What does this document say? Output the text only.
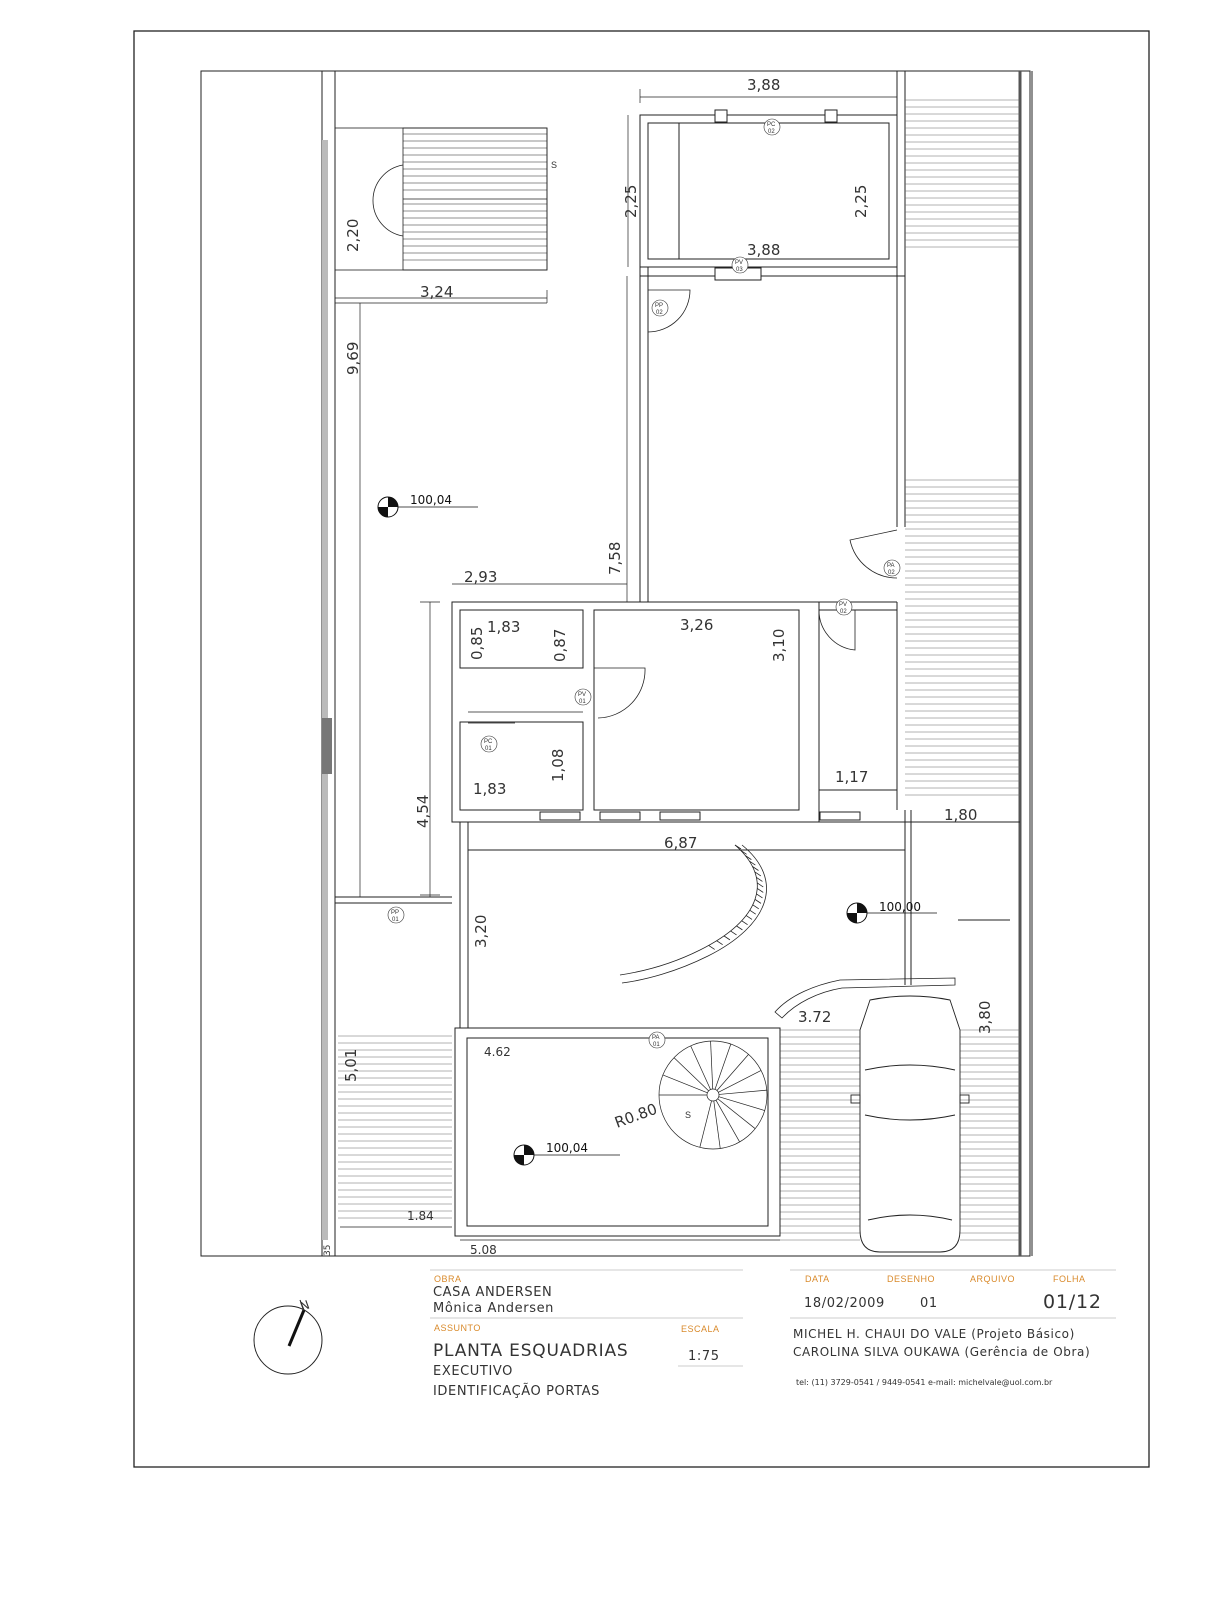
3,88
2,25	2,25
3,88
2,20
3,24
9,69
7,58
2,93
1,83
0,85	0,87
3,26
3,10
1,08
1,83
4,54
1,17
1,80
6,87
3,20
3.72	3,80
4.62
5,01
R0.80
1.84
5.08
35
S
S
100,04
100,00
100,04
PC
02
PV
03
PP
02
PA
02
PV
02
PV
01
PC
01
PP
01
PA
01
N
OBRA
CASA ANDERSEN
Mônica Andersen
ASSUNTO	ESCALA
PLANTA ESQUADRIAS
EXECUTIVO
IDENTIFICAÇÃO PORTAS
1:75
DATA	DESENHO	ARQUIVO	FOLHA
18/02/2009	01	01/12
MICHEL H. CHAUI DO VALE (Projeto Básico)
CAROLINA SILVA OUKAWA (Gerência de Obra)
tel: (11) 3729-0541 / 9449-0541 e-mail: michelvale@uol.com.br
